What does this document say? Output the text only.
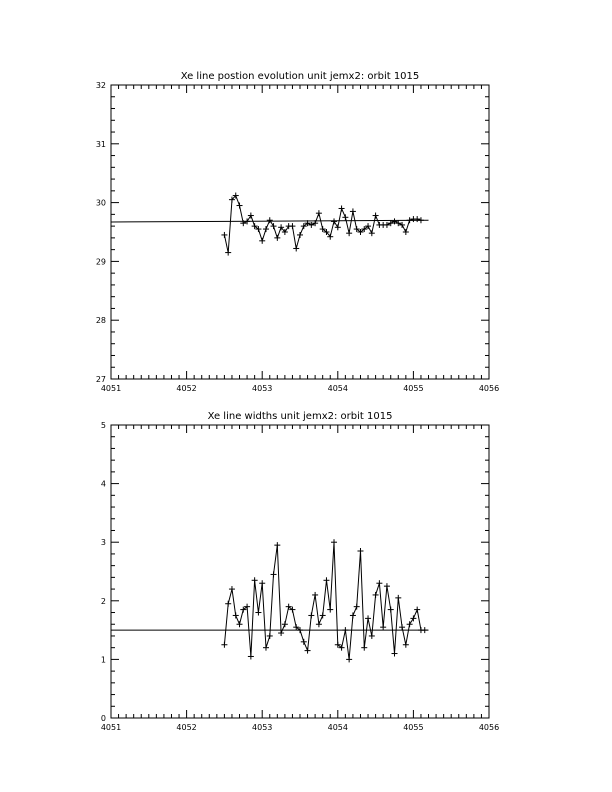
Xe line postion evolution unit jemx2: orbit 1015
4051	4052	4053	4054	4055	4056
27
28
29
30
31
32
Xe line widths unit jemx2: orbit 1015
4051	4052	4053	4054	4055	4056
0
1
2
3
4
5
